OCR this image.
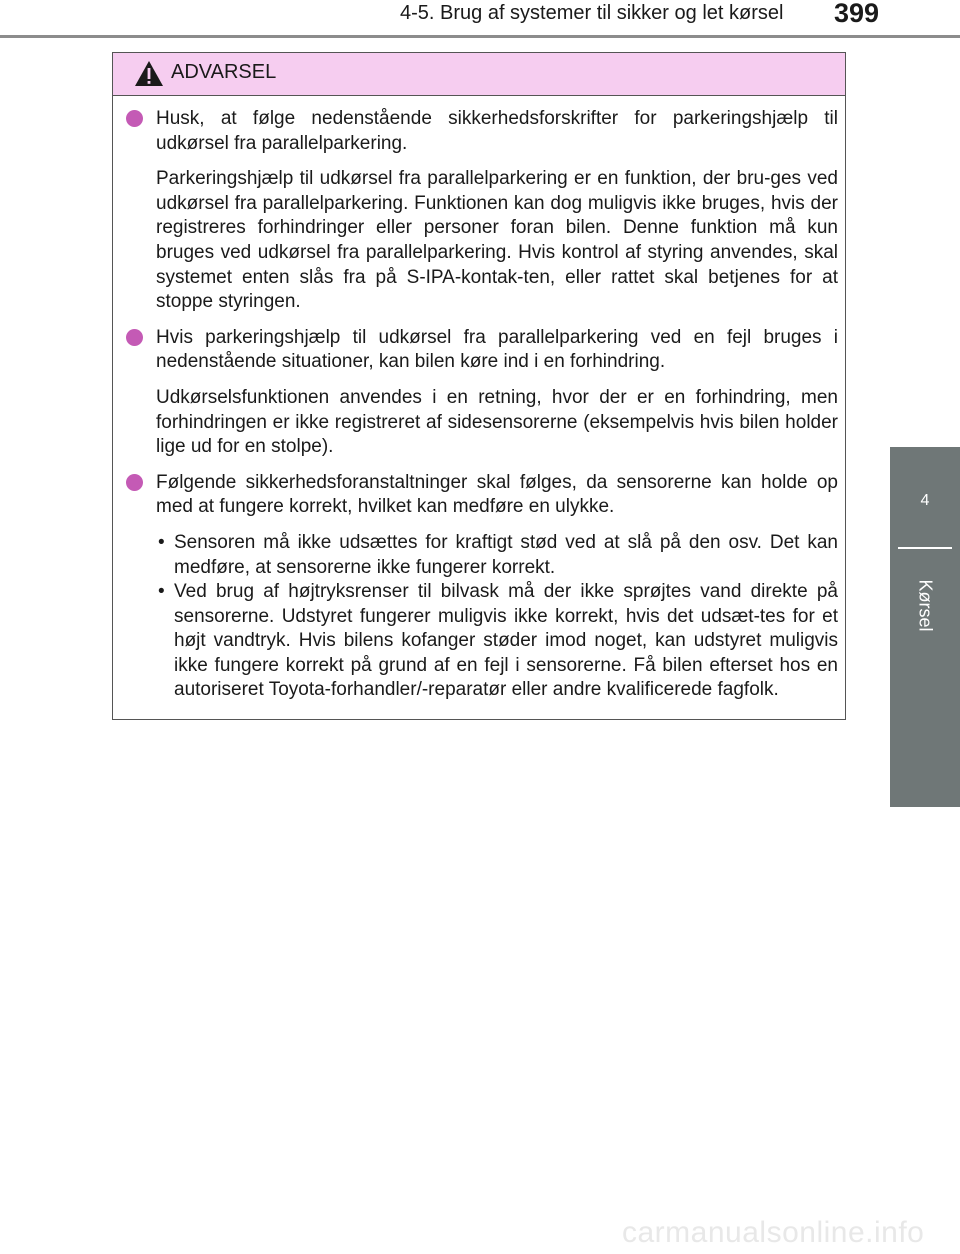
4-5. Brug af systemer til sikker og let kørsel 399
4
Kørsel
ADVARSEL
Husk, at følge nedenstående sikkerhedsforskrifter for parkeringshjælp til udkørsel fra parallelparkering.
Parkeringshjælp til udkørsel fra parallelparkering er en funktion, der bru-ges ved udkørsel fra parallelparkering. Funktionen kan dog muligvis ikke bruges, hvis der registreres forhindringer eller personer foran bilen. Denne funktion må kun bruges ved udkørsel fra parallelparkering. Hvis kontrol af styring anvendes, skal systemet enten slås fra på S-IPA-kontak-ten, eller rattet skal betjenes for at stoppe styringen.
Hvis parkeringshjælp til udkørsel fra parallelparkering ved en fejl bruges i nedenstående situationer, kan bilen køre ind i en forhindring.
Udkørselsfunktionen anvendes i en retning, hvor der er en forhindring, men forhindringen er ikke registreret af sidesensorerne (eksempelvis hvis bilen holder lige ud for en stolpe).
Følgende sikkerhedsforanstaltninger skal følges, da sensorerne kan holde op med at fungere korrekt, hvilket kan medføre en ulykke.
• Sensoren må ikke udsættes for kraftigt stød ved at slå på den osv. Det kan medføre, at sensorerne ikke fungerer korrekt.
• Ved brug af højtryksrenser til bilvask må der ikke sprøjtes vand direkte på sensorerne. Udstyret fungerer muligvis ikke korrekt, hvis det udsæt-tes for et højt vandtryk. Hvis bilens kofanger støder imod noget, kan udstyret muligvis ikke fungere korrekt på grund af en fejl i sensorerne. Få bilen efterset hos en autoriseret Toyota-forhandler/-reparatør eller andre kvalificerede fagfolk.
carmanualsonline.info
